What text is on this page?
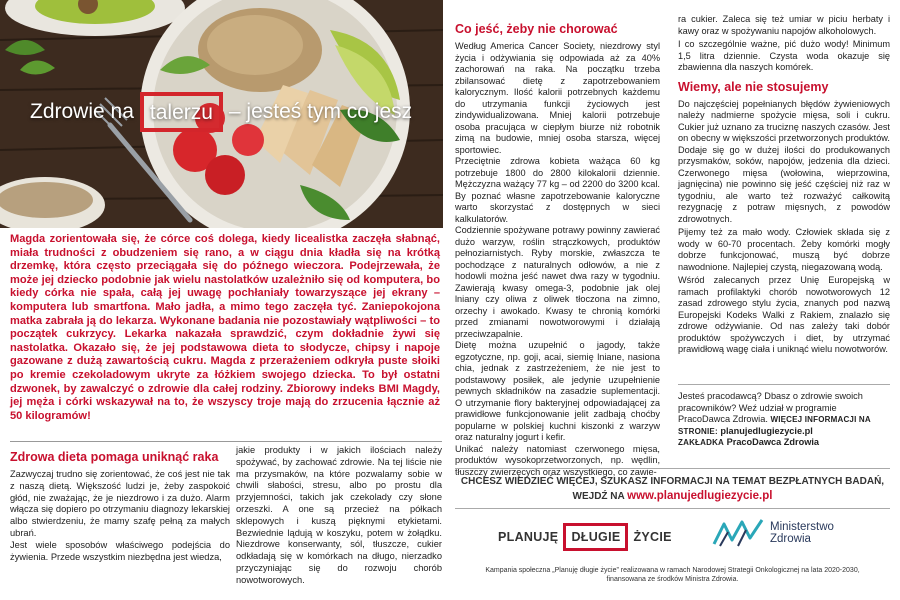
Zdrowie na talerzu – jesteś tym co jesz

Magda zorientowała się, że córce coś dolega, kiedy licealistka zaczęła słabnąć, miała trudności z obudzeniem się rano, a w ciągu dnia kładła się na krótką drzemkę, która często przeciągała się do późnego wieczora. Podejrzewała, że może jej dziecko podobnie jak wielu nastolatków uzależniło się od komputera, bo kiedy córka nie spała, całą jej uwagę pochłaniały towarzyszące jej ekrany – komputera lub smartfona. Mało jadła, a mimo tego zaczęła tyć. Zaniepokojona matka zabrała ją do lekarza. Wykonane badania nie pozostawiały wątpliwości – to początek cukrzycy. Lekarka nakazała sprawdzić, czym dokładnie żywi się nastolatka. Okazało się, że jej podstawowa dieta to słodycze, chipsy i napoje gazowane z dużą zawartością cukru. Magda z przerażeniem odkryła puste słoiki po kremie czekoladowym ukryte za łóżkiem swojego dziecka. To był ostatni dzwonek, by zawalczyć o zdrowie dla całej rodziny. Zbiorowy indeks BMI Magdy, jej męża i córki wskazywał na to, że wszyscy troje mają do zrzucenia łącznie aż 50 kilogramów!

Zdrowa dieta pomaga uniknąć raka

Zazwyczaj trudno się zorientować, że coś jest nie tak z naszą dietą. Większość ludzi je, żeby zaspokoić głód, nie zważając, że je niezdrowo i za dużo. Alarm włącza się dopiero po otrzymaniu diagnozy lekarskiej albo stwierdzeniu, że mamy szafę pełną za małych ubrań.

Jest wiele sposobów właściwego podejścia do żywienia. Przede wszystkim niezbędna jest wiedza,

jakie produkty i w jakich ilościach należy spożywać, by zachować zdrowie. Na tej liście nie ma przysmaków, na które pozwalamy sobie w chwili słabości, stresu, albo po prostu dla przyjemności, takich jak czekolady czy słone orzeszki. A one są przecież na półkach sklepowych i kuszą pięknymi etykietami. Bezwiednie lądują w koszyku, potem w żołądku. Niezdrowe konserwanty, sól, tłuszcze, cukier odkładają się w komórkach na długo, nierzadko przyczyniając się do rozwoju chorób nowotworowych.

Co jeść, żeby nie chorować

Według America Cancer Society, niezdrowy styl życia i odżywiania się odpowiada aż za 40% zachorowań na raka. Na początku trzeba zbilansować dietę z zapotrzebowaniem kalorycznym. Ilość kalorii potrzebnych każdemu do utrzymania funkcji życiowych jest zindywidualizowana. Mniej kalorii potrzebuje osoba pracująca w ciepłym biurze niż robotnik zimą na budowie, mniej osoba starsza, więcej sportowiec.

Przeciętnie zdrowa kobieta ważąca 60 kg potrzebuje 1800 do 2800 kilokalorii dziennie. Mężczyzna ważący 77 kg – od 2200 do 3200 kcal. By poznać własne zapotrzebowanie kaloryczne warto skorzystać z dostępnych w sieci kalkulatorów.

Codziennie spożywane potrawy powinny zawierać dużo warzyw, roślin strączkowych, produktów pełnoziarnistych. Ryby morskie, zwłaszcza te pochodzące z naturalnych odłowów, a nie z hodowli można jeść nawet dwa razy w tygodniu. Zawierają kwasy omega-3, podobnie jak olej lniany czy oliwa z oliwek tłoczona na zimno, orzechy i awokado. Kwasy te chronią komórki przed zmianami nowotworowymi i działają przeciwzapalnie.

Dietę można uzupełnić o jagody, także egzotyczne, np. goji, acai, siemię lniane, nasiona chia, jednak z zastrzeżeniem, że nie jest to podstawowy posiłek, ale jedynie uzupełnienie pewnych składników na zasadzie suplementacji. O utrzymanie flory bakteryjnej odpowiadającej za prawidłowe funkcjonowanie jelit zadbają choćby popularne w polskiej kuchni kiszonki z warzyw oraz naturalny jogurt i kefir.

Unikać należy natomiast czerwonego mięsa, produktów wysokoprzetworzonych, np. wędlin, tłuszczy zwierzęcych oraz wszystkiego, co zawie-

ra cukier. Zaleca się też umiar w piciu herbaty i kawy oraz w spożywaniu napojów alkoholowych.

I co szczególnie ważne, pić dużo wody! Minimum 1,5 litra dziennie. Czysta woda okazuje się zbawienna dla naszych komórek.

Wiemy, ale nie stosujemy

Do najczęściej popełnianych błędów żywieniowych należy nadmierne spożycie mięsa, soli i cukru. Cukier już uznano za truciznę naszych czasów. Jest on obecny w większości przetworzonych produktów. Dodaje się go w dużej ilości do produkowanych przysmaków, soków, napojów, jedzenia dla dzieci. Czerwonego mięsa (wołowina, wieprzowina, jagnięcina) nie powinno się jeść częściej niż raz w tygodniu, ale warto też rozważyć całkowitą rezygnację z potraw mięsnych, z powodów zdrowotnych.

Pijemy też za mało wody. Człowiek składa się z wody w 60-70 procentach. Żeby komórki mogły dobrze funkcjonować, muszą być dobrze nawodnione. Najlepiej czystą, niegazowaną wodą.

Wśród zalecanych przez Unię Europejską w ramach profilaktyki chorób nowotworowych 12 zasad zdrowego stylu życia, znanych pod nazwą Europejski Kodeks Walki z Rakiem, znalazło się zdrowe odżywianie. Od nas zależy taki dobór produktów spożywczych i diet, by utrzymać prawidłową wagę ciała i uniknąć wielu nowotworów.

Jesteś pracodawcą? Dbasz o zdrowie swoich pracowników? Weź udział w programie PracoDawca Zdrowia. WIĘCEJ INFORMACJI NA STRONIE: planujedlugiezycie.pl
ZAKŁADKA PracoDawca Zdrowia
CHCESZ WIEDZIEĆ WIĘCEJ, SZUKASZ INFORMACJI NA TEMAT BEZPŁATNYCH BADAŃ,
WEJDŹ NA www.planujedlugiezycie.pl
PLANUJĘ	DŁUGIE	ŻYCIE
Ministerstwo
Zdrowia
Kampania społeczna „Planuję długie życie” realizowana w ramach Narodowej Strategii Onkologicznej na lata 2020-2030,
finansowana ze środków Ministra Zdrowia.
